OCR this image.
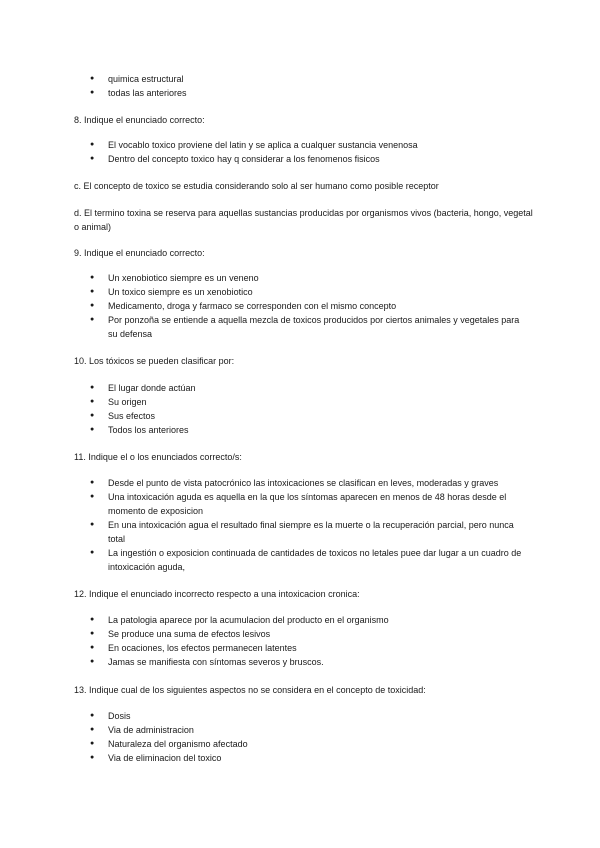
● quimica estructural
● todas las anteriores

8. Indique el enunciado correcto:

● El vocablo toxico proviene del latin y se aplica a cualquer sustancia venenosa
● Dentro del concepto toxico hay q considerar a los fenomenos fisicos

c. El concepto de toxico se estudia considerando solo al ser humano como posible receptor

d. El termino toxina se reserva para aquellas sustancias producidas por organismos vivos (bacteria, hongo, vegetal o animal)

9. Indique el enunciado correcto:

● Un xenobiotico siempre es un veneno
● Un toxico siempre es un xenobiotico
● Medicamento, droga y farmaco se corresponden con el mismo concepto
● Por ponzoña se entiende a aquella mezcla de toxicos producidos por ciertos animales y vegetales para su defensa

10. Los tóxicos se pueden clasificar por:

● El lugar donde actúan
● Su origen
● Sus efectos
● Todos los anteriores

11. Indique el o los enunciados correcto/s:

● Desde el punto de vista patocrónico las intoxicaciones se clasifican en leves, moderadas y graves
● Una intoxicación aguda es aquella en la que los síntomas aparecen en menos de 48 horas desde el momento de exposicion
● En una intoxicación agua el resultado final siempre es la muerte o la recuperación parcial, pero nunca total
● La ingestión o exposicion continuada de cantidades de toxicos no letales puee dar lugar a un cuadro de intoxicación aguda,

12. Indique el enunciado incorrecto respecto a una intoxicacion cronica:

● La patologia aparece por la acumulacion del producto en el organismo
● Se produce una suma de efectos lesivos
● En ocaciones, los efectos permanecen latentes
● Jamas se manifiesta con síntomas severos y bruscos.

13. Indique cual de los siguientes aspectos no se considera en el concepto de toxicidad:

● Dosis
● Via de administracion
● Naturaleza del organismo afectado
● Via de eliminacion del toxico
